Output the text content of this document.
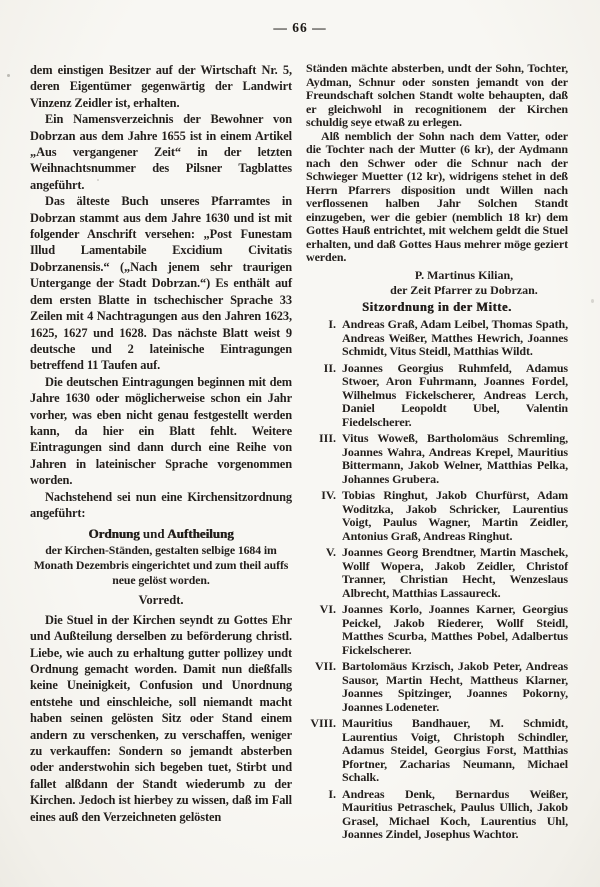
— 66 —

dem einstigen Besitzer auf der Wirtschaft Nr. 5, deren Eigentümer gegenwärtig der Landwirt Vinzenz Zeidler ist, erhalten.

Ein Namensverzeichnis der Bewohner von Dobrzan aus dem Jahre 1655 ist in einem Artikel „Aus vergangener Zeit“ in der letzten Weihnachtsnummer des Pilsner Tagblattes angeführt.

Das älteste Buch unseres Pfarramtes in Dobrzan stammt aus dem Jahre 1630 und ist mit folgender Anschrift versehen: „Post Funestam Illud Lamentabile Excidium Civitatis Dobrzanensis.“ („Nach jenem sehr traurigen Untergange der Stadt Dobrzan.“) Es enthält auf dem ersten Blatte in tschechischer Sprache 33 Zeilen mit 4 Nachtragungen aus den Jahren 1623, 1625, 1627 und 1628. Das nächste Blatt weist 9 deutsche und 2 lateinische Eintragungen betreffend 11 Taufen auf.

Die deutschen Eintragungen beginnen mit dem Jahre 1630 oder möglicherweise schon ein Jahr vorher, was eben nicht genau festgestellt werden kann, da hier ein Blatt fehlt. Weitere Eintragungen sind dann durch eine Reihe von Jahren in lateinischer Sprache vorgenommen worden.

Nachstehend sei nun eine Kirchensitzordnung angeführt:

Ordnung und Auftheilung
der Kirchen-Ständen, gestalten selbige 1684 im Monath Dezembris eingerichtet und zum theil auffs neue gelöst worden.
Vorredt.

Die Stuel in der Kirchen seyndt zu Gottes Ehr und Außteilung derselben zu beförderung christl. Liebe, wie auch zu erhaltung gutter pollizey undt Ordnung gemacht worden. Damit nun dießfalls keine Uneinigkeit, Confusion und Unordnung entstehe und einschleiche, soll niemandt macht haben seinen gelösten Sitz oder Stand einem andern zu verschenken, zu verschaffen, weniger zu verkauffen: Sondern so jemandt absterben oder anderstwohin sich begeben tuet, Stirbt und fallet alßdann der Standt wiederumb zu der Kirchen. Jedoch ist hierbey zu wissen, daß im Fall eines auß den Verzeichneten gelösten

Ständen mächte absterben, undt der Sohn, Tochter, Aydman, Schnur oder sonsten jemandt von der Freundschaft solchen Standt wolte behaupten, daß er gleichwohl in recognitionem der Kirchen schuldig seye etwaß zu erlegen.

Alß nemblich der Sohn nach dem Vatter, oder die Tochter nach der Mutter (6 kr), der Aydmann nach den Schwer oder die Schnur nach der Schwieger Muetter (12 kr), widrigens stehet in deß Herrn Pfarrers disposition undt Willen nach verflossenen halben Jahr Solchen Standt einzugeben, wer die gebier (nemblich 18 kr) dem Gottes Hauß entrichtet, mit welchem geldt die Stuel erhalten, und daß Gottes Haus mehrer möge geziert werden.

P. Martinus Kilian,
der Zeit Pfarrer zu Dobrzan.
Sitzordnung in der Mitte.
I. Andreas Graß, Adam Leibel, Thomas Spath, Andreas Weißer, Matthes Hewrich, Joannes Schmidt, Vitus Steidl, Matthias Wildt.
II. Joannes Georgius Ruhmfeld, Adamus Stwoer, Aron Fuhrmann, Joannes Fordel, Wilhelmus Fickelscherer, Andreas Lerch, Daniel Leopoldt Ubel, Valentin Fiedelscherer.
III. Vitus Woweß, Bartholomäus Schremling, Joannes Wahra, Andreas Krepel, Mauritius Bittermann, Jakob Welner, Matthias Pelka, Johannes Grubera.
IV. Tobias Ringhut, Jakob Churfürst, Adam Woditzka, Jakob Schricker, Laurentius Voigt, Paulus Wagner, Martin Zeidler, Antonius Graß, Andreas Ringhut.
V. Joannes Georg Brendtner, Martin Maschek, Wollf Wopera, Jakob Zeidler, Christof Tranner, Christian Hecht, Wenzeslaus Albrecht, Matthias Lassaureck.
VI. Joannes Korlo, Joannes Karner, Georgius Peickel, Jakob Riederer, Wollf Steidl, Matthes Scurba, Matthes Pobel, Adalbertus Fickelscherer.
VII. Bartolomäus Krzisch, Jakob Peter, Andreas Sausor, Martin Hecht, Mattheus Klarner, Joannes Spitzinger, Joannes Pokorny, Joannes Lodeneter.
VIII. Mauritius Bandhauer, M. Schmidt, Laurentius Voigt, Christoph Schindler, Adamus Steidel, Georgius Forst, Matthias Pfortner, Zacharias Neumann, Michael Schalk.
I. Andreas Denk, Bernardus Weißer, Mauritius Petraschek, Paulus Ullich, Jakob Grasel, Michael Koch, Laurentius Uhl, Joannes Zindel, Josephus Wachtor.
